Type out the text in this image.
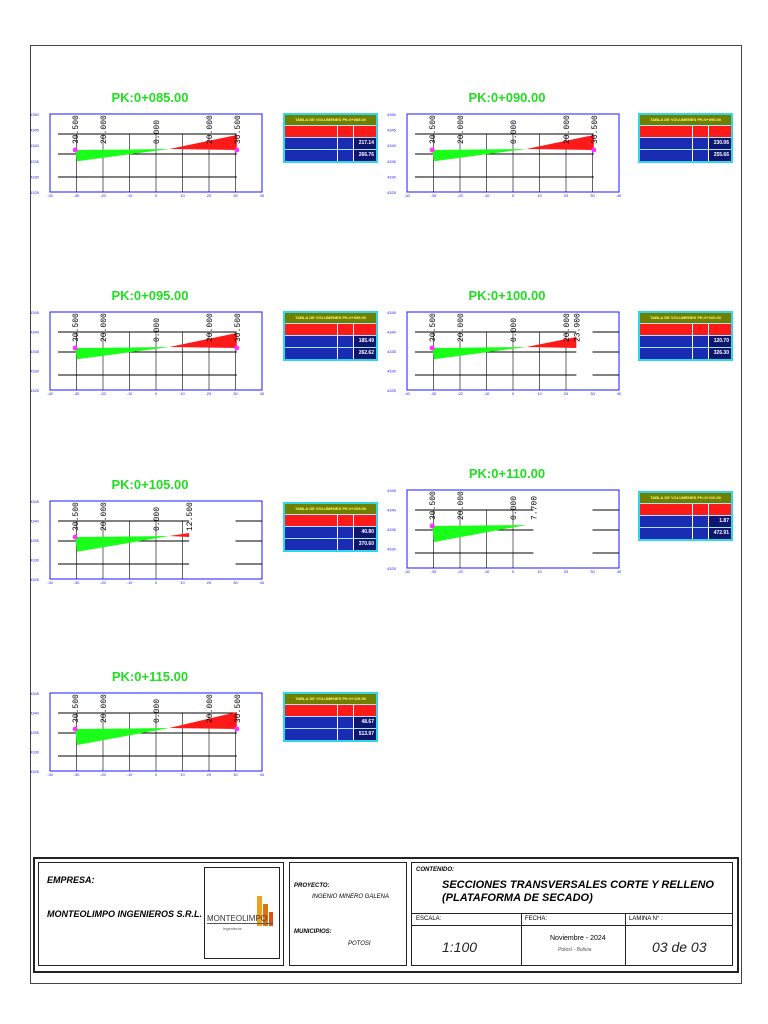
PK:0+085.00
4350
4345
4340
4335
4330
4325
-40	-30	-20	-10	0	10	20	30	40
30.500 20.000	0.000	20.000 30.500
PK:0+090.00
4350
4345
4340
4335
4330
4325
-40	-30	-20	-10	0	10	20	30	40
30.500 20.000	0.000	20.000 30.500
PK:0+095.00
4345
4340
4335
4330
4325
-40	-30	-20	-10	0	10	20	30	40
30.500 20.000	0.000	20.000 30.500
PK:0+100.00
4345
4340
4335
4330
4325
-40	-30	-20	-10	0	10	20	30	40
30.500 20.000	0.000	20.000 23.900
PK:0+105.00
4345
4340
4335
4330
4325
-40	-30	-20	-10	0	10	20	30	40
30.500 20.000	0.000	12.500
PK:0+110.00
4345
4340
4335
4330
4325
-40	-30	-20	-10	0	10	20	30	40
30.500 20.000	0.000 7.700
PK:0+115.00
4345
4340
4335
4330
4325
-40	-30	-20	-10	0	10	20	30	40
30.500 20.000	0.000	20.000 30.500
TABLA DE VOLUMENES PK:0+085.00
217.14
266.76
TABLA DE VOLUMENES PK:0+090.00
230.06
255.66
TABLA DE VOLUMENES PK:0+095.00
185.49
262.62
TABLA DE VOLUMENES PK:0+100.00
120.70
326.30
TABLA DE VOLUMENES PK:0+105.00
40.80
370.60
TABLA DE VOLUMENES PK:0+110.00
1.87
472.91
TABLA DE VOLUMENES PK:0+115.00
48.67
513.97
EMPRESA:
MONTEOLIMPO INGENIEROS S.R.L. MONTEOLIMPO
Ingenieros
PROYECTO:
INGENIO MINERO GALENA
MUNICIPIOS:
POTOSI
CONTENIDO:
SECCIONES TRANSVERSALES CORTE Y RELLENO (PLATAFORMA DE SECADO)
ESCALA:
1:100
FECHA:
Noviembre - 2024
Potosí - Bolivia
LAMINA N° :
03 de 03
